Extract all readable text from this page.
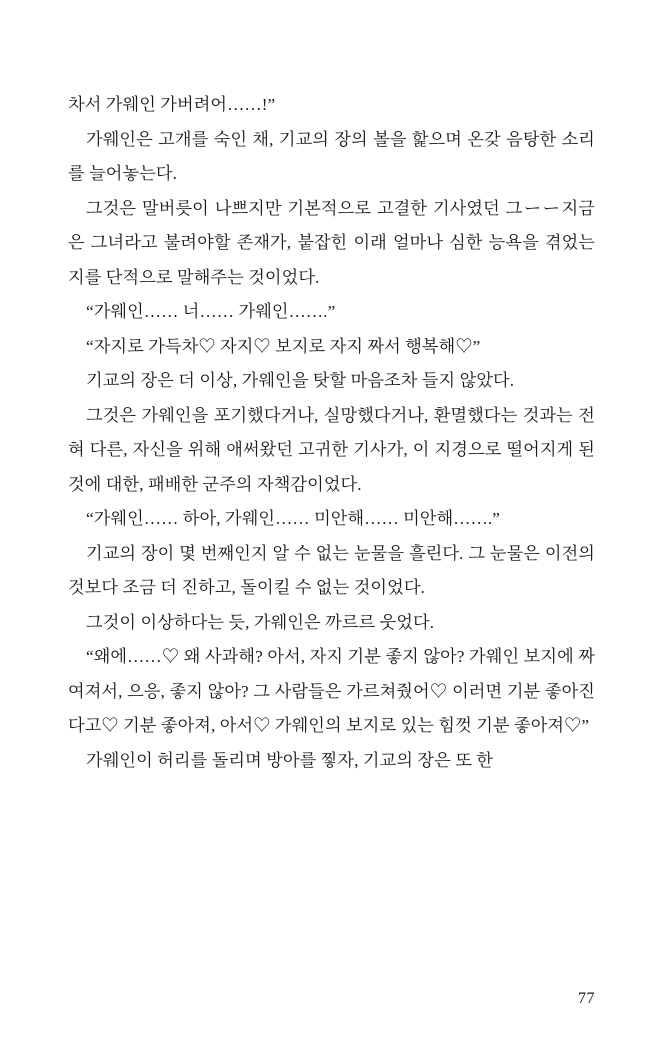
차서 가웨인 가버려어……!”

가웨인은 고개를 숙인 채, 기교의 장의 볼을 핥으며 온갖 음탕한 소리를 늘어놓는다.

그것은 말버릇이 나쁘지만 기본적으로 고결한 기사였던 그ーー지금은 그녀라고 불려야할 존재가, 붙잡힌 이래 얼마나 심한 능욕을 겪었는지를 단적으로 말해주는 것이었다.

“가웨인…… 너…… 가웨인…….”

“자지로 가득차♡ 자지♡ 보지로 자지 짜서 행복해♡”

기교의 장은 더 이상, 가웨인을 탓할 마음조차 들지 않았다.

그것은 가웨인을 포기했다거나, 실망했다거나, 환멸했다는 것과는 전혀 다른, 자신을 위해 애써왔던 고귀한 기사가, 이 지경으로 떨어지게 된 것에 대한, 패배한 군주의 자책감이었다.

“가웨인…… 하아, 가웨인…… 미안해…… 미안해…….”

기교의 장이 몇 번째인지 알 수 없는 눈물을 흘린다. 그 눈물은 이전의 것보다 조금 더 진하고, 돌이킬 수 없는 것이었다.

그것이 이상하다는 듯, 가웨인은 까르르 웃었다.

“왜에……♡ 왜 사과해? 아서, 자지 기분 좋지 않아? 가웨인 보지에 짜여져서, 으응, 좋지 않아? 그 사람들은 가르쳐줬어♡ 이러면 기분 좋아진다고♡ 기분 좋아져, 아서♡ 가웨인의 보지로 있는 힘껏 기분 좋아져♡”

가웨인이 허리를 돌리며 방아를 찧자, 기교의 장은 또 한

77
